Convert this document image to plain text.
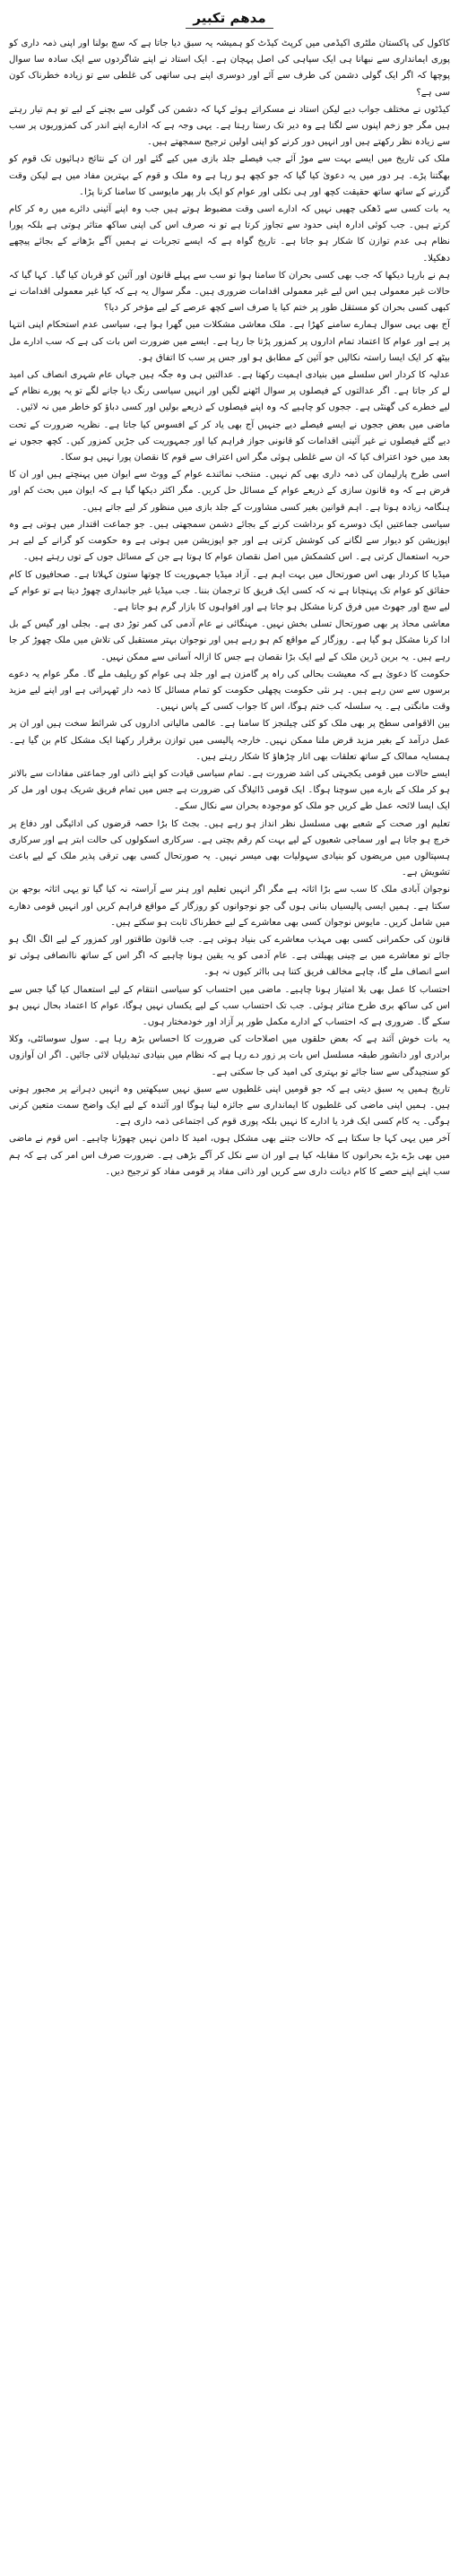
مدھم تکبیر

کاکول کی پاکستان ملٹری اکیڈمی میں کرپٹ کیڈٹ کو ہمیشہ یہ سبق دیا جاتا ہے کہ سچ بولنا اور اپنی ذمہ داری کو پوری ایمانداری سے نبھانا ہی ایک سپاہی کی اصل پہچان ہے۔ ایک استاد نے اپنے شاگردوں سے ایک سادہ سا سوال پوچھا کہ اگر ایک گولی دشمن کی طرف سے آئے اور دوسری اپنے ہی ساتھی کی غلطی سے تو زیادہ خطرناک کون سی ہے؟

کیڈٹوں نے مختلف جواب دیے لیکن استاد نے مسکراتے ہوئے کہا کہ دشمن کی گولی سے بچنے کے لیے تو ہم تیار رہتے ہیں مگر جو زخم اپنوں سے لگتا ہے وہ دیر تک رستا رہتا ہے۔ یہی وجہ ہے کہ ادارے اپنے اندر کی کمزوریوں پر سب سے زیادہ نظر رکھتے ہیں اور انہیں دور کرنے کو اپنی اولین ترجیح سمجھتے ہیں۔

ملک کی تاریخ میں ایسے بہت سے موڑ آئے جب فیصلے جلد بازی میں کیے گئے اور ان کے نتائج دہائیوں تک قوم کو بھگتنا پڑے۔ ہر دور میں یہ دعویٰ کیا گیا کہ جو کچھ ہو رہا ہے وہ ملک و قوم کے بہترین مفاد میں ہے لیکن وقت گزرنے کے ساتھ ساتھ حقیقت کچھ اور ہی نکلی اور عوام کو ایک بار پھر مایوسی کا سامنا کرنا پڑا۔

یہ بات کسی سے ڈھکی چھپی نہیں کہ ادارے اسی وقت مضبوط ہوتے ہیں جب وہ اپنے آئینی دائرے میں رہ کر کام کرتے ہیں۔ جب کوئی ادارہ اپنی حدود سے تجاوز کرتا ہے تو نہ صرف اس کی اپنی ساکھ متاثر ہوتی ہے بلکہ پورا نظام ہی عدم توازن کا شکار ہو جاتا ہے۔ تاریخ گواہ ہے کہ ایسے تجربات نے ہمیں آگے بڑھانے کے بجائے پیچھے دھکیلا۔

ہم نے بارہا دیکھا کہ جب بھی کسی بحران کا سامنا ہوا تو سب سے پہلے قانون اور آئین کو قربان کیا گیا۔ کہا گیا کہ حالات غیر معمولی ہیں اس لیے غیر معمولی اقدامات ضروری ہیں۔ مگر سوال یہ ہے کہ کیا غیر معمولی اقدامات نے کبھی کسی بحران کو مستقل طور پر ختم کیا یا صرف اسے کچھ عرصے کے لیے مؤخر کر دیا؟

آج بھی یہی سوال ہمارے سامنے کھڑا ہے۔ ملک معاشی مشکلات میں گھرا ہوا ہے، سیاسی عدم استحکام اپنی انتہا پر ہے اور عوام کا اعتماد تمام اداروں پر کمزور پڑتا جا رہا ہے۔ ایسے میں ضرورت اس بات کی ہے کہ سب ادارے مل بیٹھ کر ایک ایسا راستہ نکالیں جو آئین کے مطابق ہو اور جس پر سب کا اتفاق ہو۔

عدلیہ کا کردار اس سلسلے میں بنیادی اہمیت رکھتا ہے۔ عدالتیں ہی وہ جگہ ہیں جہاں عام شہری انصاف کی امید لے کر جاتا ہے۔ اگر عدالتوں کے فیصلوں پر سوال اٹھنے لگیں اور انہیں سیاسی رنگ دیا جانے لگے تو یہ پورے نظام کے لیے خطرے کی گھنٹی ہے۔ ججوں کو چاہیے کہ وہ اپنے فیصلوں کے ذریعے بولیں اور کسی دباؤ کو خاطر میں نہ لائیں۔

ماضی میں بعض ججوں نے ایسے فیصلے دیے جنہیں آج بھی یاد کر کے افسوس کیا جاتا ہے۔ نظریہ ضرورت کے تحت دیے گئے فیصلوں نے غیر آئینی اقدامات کو قانونی جواز فراہم کیا اور جمہوریت کی جڑیں کمزور کیں۔ کچھ ججوں نے بعد میں خود اعتراف کیا کہ ان سے غلطی ہوئی مگر اس اعتراف سے قوم کا نقصان پورا نہیں ہو سکا۔

اسی طرح پارلیمان کی ذمہ داری بھی کم نہیں۔ منتخب نمائندے عوام کے ووٹ سے ایوان میں پہنچتے ہیں اور ان کا فرض ہے کہ وہ قانون سازی کے ذریعے عوام کے مسائل حل کریں۔ مگر اکثر دیکھا گیا ہے کہ ایوان میں بحث کم اور ہنگامہ زیادہ ہوتا ہے۔ اہم قوانین بغیر کسی مشاورت کے جلد بازی میں منظور کر لیے جاتے ہیں۔

سیاسی جماعتیں ایک دوسرے کو برداشت کرنے کے بجائے دشمن سمجھتی ہیں۔ جو جماعت اقتدار میں ہوتی ہے وہ اپوزیشن کو دیوار سے لگانے کی کوشش کرتی ہے اور جو اپوزیشن میں ہوتی ہے وہ حکومت کو گرانے کے لیے ہر حربہ استعمال کرتی ہے۔ اس کشمکش میں اصل نقصان عوام کا ہوتا ہے جن کے مسائل جوں کے توں رہتے ہیں۔

میڈیا کا کردار بھی اس صورتحال میں بہت اہم ہے۔ آزاد میڈیا جمہوریت کا چوتھا ستون کہلاتا ہے۔ صحافیوں کا کام حقائق کو عوام تک پہنچانا ہے نہ کہ کسی ایک فریق کا ترجمان بننا۔ جب میڈیا غیر جانبداری چھوڑ دیتا ہے تو عوام کے لیے سچ اور جھوٹ میں فرق کرنا مشکل ہو جاتا ہے اور افواہوں کا بازار گرم ہو جاتا ہے۔

معاشی محاذ پر بھی صورتحال تسلی بخش نہیں۔ مہنگائی نے عام آدمی کی کمر توڑ دی ہے۔ بجلی اور گیس کے بل ادا کرنا مشکل ہو گیا ہے۔ روزگار کے مواقع کم ہو رہے ہیں اور نوجوان بہتر مستقبل کی تلاش میں ملک چھوڑ کر جا رہے ہیں۔ یہ برین ڈرین ملک کے لیے ایک بڑا نقصان ہے جس کا ازالہ آسانی سے ممکن نہیں۔

حکومت کا دعویٰ ہے کہ معیشت بحالی کی راہ پر گامزن ہے اور جلد ہی عوام کو ریلیف ملے گا۔ مگر عوام یہ دعوے برسوں سے سن رہے ہیں۔ ہر نئی حکومت پچھلی حکومت کو تمام مسائل کا ذمہ دار ٹھہراتی ہے اور اپنے لیے مزید وقت مانگتی ہے۔ یہ سلسلہ کب ختم ہوگا، اس کا جواب کسی کے پاس نہیں۔

بین الاقوامی سطح پر بھی ملک کو کئی چیلنجز کا سامنا ہے۔ عالمی مالیاتی اداروں کی شرائط سخت ہیں اور ان پر عمل درآمد کے بغیر مزید قرض ملنا ممکن نہیں۔ خارجہ پالیسی میں توازن برقرار رکھنا ایک مشکل کام بن گیا ہے۔ ہمسایہ ممالک کے ساتھ تعلقات بھی اتار چڑھاؤ کا شکار رہتے ہیں۔

ایسے حالات میں قومی یکجہتی کی اشد ضرورت ہے۔ تمام سیاسی قیادت کو اپنے ذاتی اور جماعتی مفادات سے بالاتر ہو کر ملک کے بارے میں سوچنا ہوگا۔ ایک قومی ڈائیلاگ کی ضرورت ہے جس میں تمام فریق شریک ہوں اور مل کر ایک ایسا لائحہ عمل طے کریں جو ملک کو موجودہ بحران سے نکال سکے۔

تعلیم اور صحت کے شعبے بھی مسلسل نظر انداز ہو رہے ہیں۔ بجٹ کا بڑا حصہ قرضوں کی ادائیگی اور دفاع پر خرچ ہو جاتا ہے اور سماجی شعبوں کے لیے بہت کم رقم بچتی ہے۔ سرکاری اسکولوں کی حالت ابتر ہے اور سرکاری ہسپتالوں میں مریضوں کو بنیادی سہولیات بھی میسر نہیں۔ یہ صورتحال کسی بھی ترقی پذیر ملک کے لیے باعث تشویش ہے۔

نوجوان آبادی ملک کا سب سے بڑا اثاثہ ہے مگر اگر انہیں تعلیم اور ہنر سے آراستہ نہ کیا گیا تو یہی اثاثہ بوجھ بن سکتا ہے۔ ہمیں ایسی پالیسیاں بنانی ہوں گی جو نوجوانوں کو روزگار کے مواقع فراہم کریں اور انہیں قومی دھارے میں شامل کریں۔ مایوس نوجوان کسی بھی معاشرے کے لیے خطرناک ثابت ہو سکتے ہیں۔

قانون کی حکمرانی کسی بھی مہذب معاشرے کی بنیاد ہوتی ہے۔ جب قانون طاقتور اور کمزور کے لیے الگ الگ ہو جائے تو معاشرے میں بے چینی پھیلتی ہے۔ عام آدمی کو یہ یقین ہونا چاہیے کہ اگر اس کے ساتھ ناانصافی ہوئی تو اسے انصاف ملے گا، چاہے مخالف فریق کتنا ہی بااثر کیوں نہ ہو۔

احتساب کا عمل بھی بلا امتیاز ہونا چاہیے۔ ماضی میں احتساب کو سیاسی انتقام کے لیے استعمال کیا گیا جس سے اس کی ساکھ بری طرح متاثر ہوئی۔ جب تک احتساب سب کے لیے یکساں نہیں ہوگا، عوام کا اعتماد بحال نہیں ہو سکے گا۔ ضروری ہے کہ احتساب کے ادارے مکمل طور پر آزاد اور خودمختار ہوں۔

یہ بات خوش آئند ہے کہ بعض حلقوں میں اصلاحات کی ضرورت کا احساس بڑھ رہا ہے۔ سول سوسائٹی، وکلا برادری اور دانشور طبقہ مسلسل اس بات پر زور دے رہا ہے کہ نظام میں بنیادی تبدیلیاں لائی جائیں۔ اگر ان آوازوں کو سنجیدگی سے سنا جائے تو بہتری کی امید کی جا سکتی ہے۔

تاریخ ہمیں یہ سبق دیتی ہے کہ جو قومیں اپنی غلطیوں سے سبق نہیں سیکھتیں وہ انہیں دہرانے پر مجبور ہوتی ہیں۔ ہمیں اپنی ماضی کی غلطیوں کا ایمانداری سے جائزہ لینا ہوگا اور آئندہ کے لیے ایک واضح سمت متعین کرنی ہوگی۔ یہ کام کسی ایک فرد یا ادارے کا نہیں بلکہ پوری قوم کی اجتماعی ذمہ داری ہے۔

آخر میں یہی کہا جا سکتا ہے کہ حالات جتنے بھی مشکل ہوں، امید کا دامن نہیں چھوڑنا چاہیے۔ اس قوم نے ماضی میں بھی بڑے بڑے بحرانوں کا مقابلہ کیا ہے اور ان سے نکل کر آگے بڑھی ہے۔ ضرورت صرف اس امر کی ہے کہ ہم سب اپنے اپنے حصے کا کام دیانت داری سے کریں اور ذاتی مفاد پر قومی مفاد کو ترجیح دیں۔
